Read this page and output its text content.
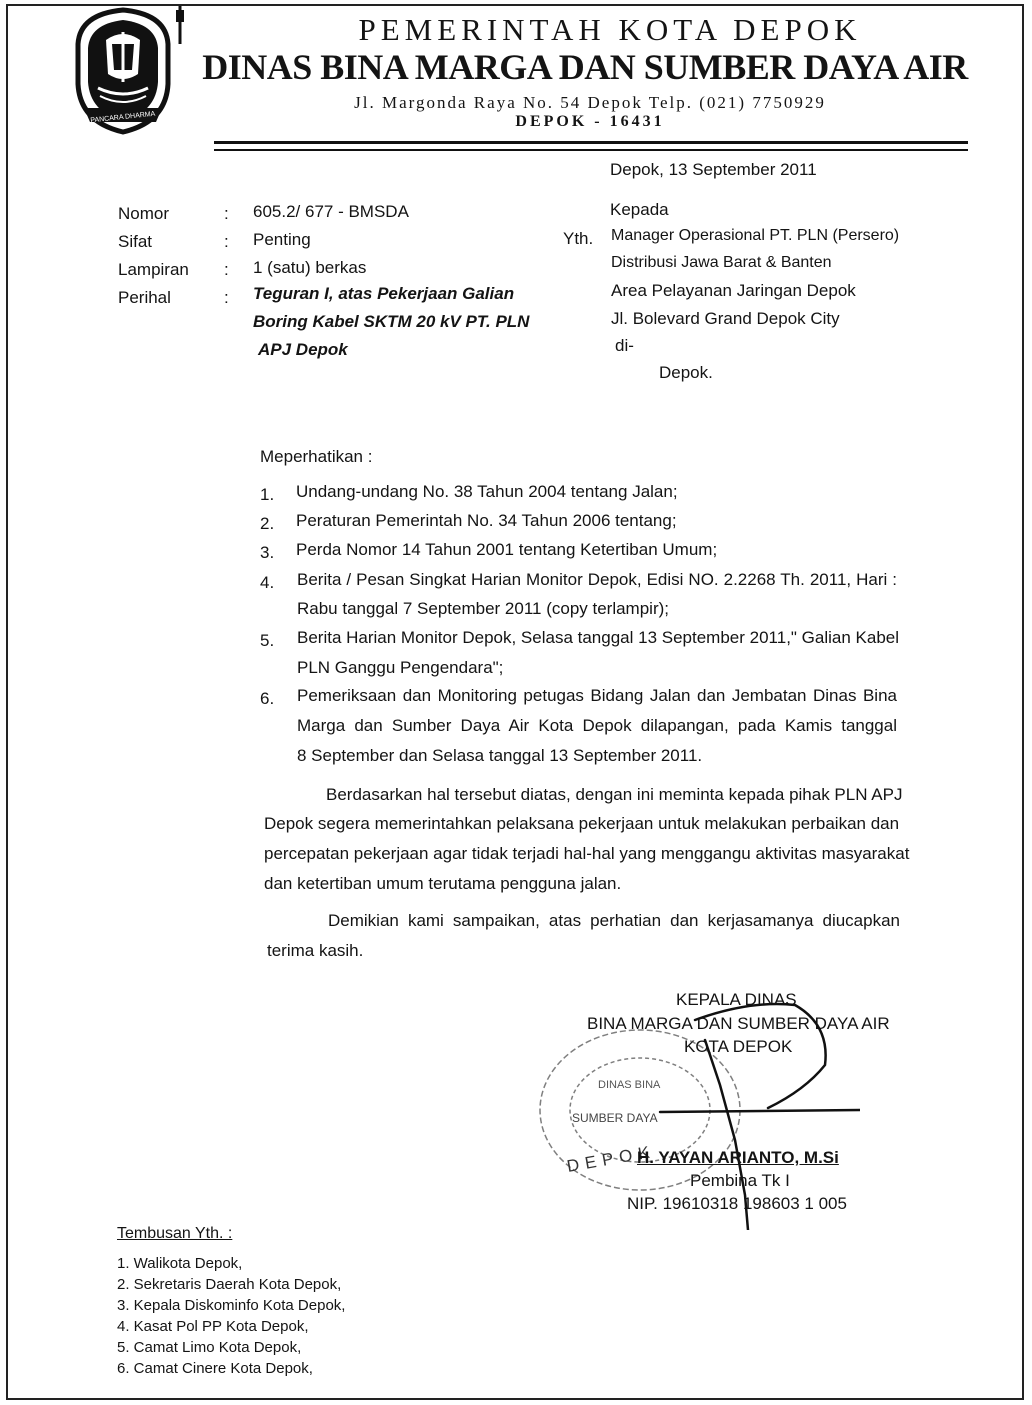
PANCARA DHARMA
PEMERINTAH KOTA DEPOK
DINAS BINA MARGA DAN SUMBER DAYA AIR
Jl. Margonda Raya No. 54 Depok Telp. (021) 7750929
DEPOK - 16431
Depok, 13 September 2011
Nomor	: 605.2/ 677 - BMSDA
Sifat	: Penting
Lampiran : 1 (satu) berkas
Perihal	: Teguran I, atas Pekerjaan Galian
Boring Kabel SKTM 20 kV PT. PLN
APJ Depok
Kepada
Yth. Manager Operasional PT. PLN (Persero)
Distribusi Jawa Barat & Banten
Area Pelayanan Jaringan Depok
Jl. Bolevard Grand Depok City
di-
Depok.
Meperhatikan :
1. Undang-undang No. 38 Tahun 2004 tentang Jalan;
2. Peraturan Pemerintah No. 34 Tahun 2006 tentang;
3. Perda Nomor 14 Tahun 2001 tentang Ketertiban Umum;
4. Berita / Pesan Singkat Harian Monitor Depok, Edisi NO. 2.2268 Th. 2011, Hari :
Rabu tanggal 7 September 2011 (copy terlampir);
5. Berita Harian Monitor Depok, Selasa tanggal 13 September 2011," Galian Kabel
PLN Ganggu Pengendara";
6. Pemeriksaan dan Monitoring petugas Bidang Jalan dan Jembatan Dinas Bina
Marga dan Sumber Daya Air Kota Depok dilapangan, pada Kamis tanggal
8 September dan Selasa tanggal 13 September 2011.
Berdasarkan hal tersebut diatas, dengan ini meminta kepada pihak PLN APJ
Depok segera memerintahkan pelaksana pekerjaan untuk melakukan perbaikan dan
percepatan pekerjaan agar tidak terjadi hal-hal yang menggangu aktivitas masyarakat
dan ketertiban umum terutama pengguna jalan.
Demikian kami sampaikan, atas perhatian dan kerjasamanya diucapkan
terima kasih.
KEPALA DINAS
BINA MARGA DAN SUMBER DAYA AIR
KOTA DEPOK
DINAS BINA
SUMBER DAYA
DEPOK
H. YAYAN ARIANTO, M.Si
Pembina Tk I
NIP. 19610318 198603 1 005
Tembusan Yth. :
1. Walikota Depok,
2. Sekretaris Daerah Kota Depok,
3. Kepala Diskominfo Kota Depok,
4. Kasat Pol PP Kota Depok,
5. Camat Limo Kota Depok,
6. Camat Cinere Kota Depok,
